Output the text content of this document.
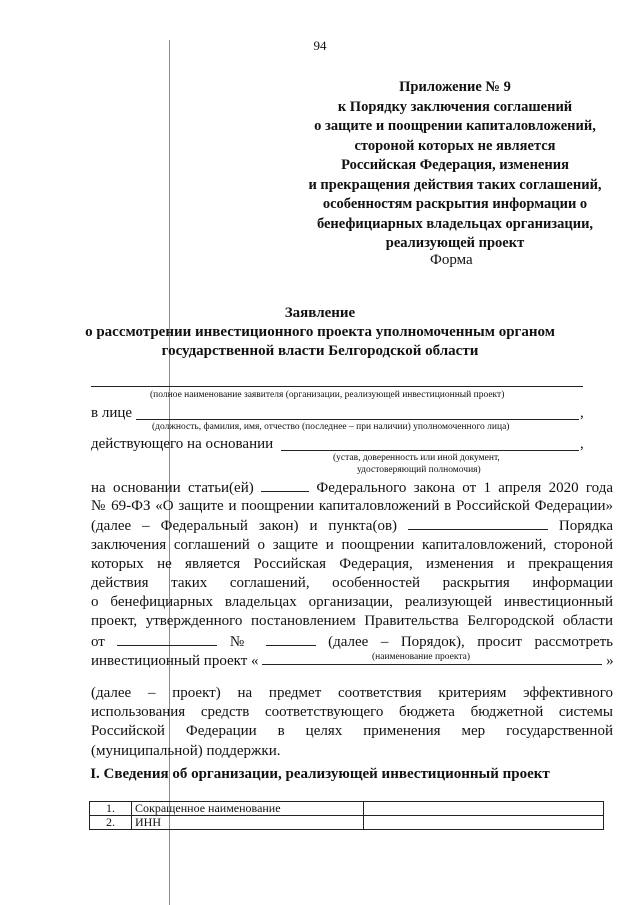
94
Приложение № 9
к Порядку заключения соглашений
о защите и поощрении капиталовложений,
стороной которых не является
Российская Федерация, изменения
и прекращения действия таких соглашений,
особенностям раскрытия информации о
бенефициарных владельцах организации,
реализующей проект
Форма
Заявление
о рассмотрении инвестиционного проекта уполномоченным органом
государственной власти Белгородской области
(полное наименование заявителя (организации, реализующей инвестиционный проект)
в лице	,
(должность, фамилия, имя, отчество (последнее – при наличии) уполномоченного лица)
действующего на основании	,
(устав, доверенность или иной документ,
удостоверяющий полномочия)
на основании статьи(ей)	Федерального закона от 1 апреля 2020 года
№ 69-ФЗ «О защите и поощрении капиталовложений в Российской Федерации»
(далее – Федеральный закон) и пункта(ов)	Порядка
заключения соглашений о защите и поощрении капиталовложений, стороной
которых не является Российская Федерация, изменения и прекращения
действия таких соглашений, особенностей раскрытия информации
о бенефициарных владельцах организации, реализующей инвестиционный
проект, утвержденного постановлением Правительства Белгородской области
от	№	(далее – Порядок), просит рассмотреть
инвестиционный проект «	»
(наименование проекта)
(далее – проект) на предмет соответствия критериям эффективного
использования средств соответствующего бюджета бюджетной системы
Российской Федерации в целях применения мер государственной
(муниципальной) поддержки.
I. Сведения об организации, реализующей инвестиционный проект
1.	Сокращенное наименование	
2.	ИНН	
